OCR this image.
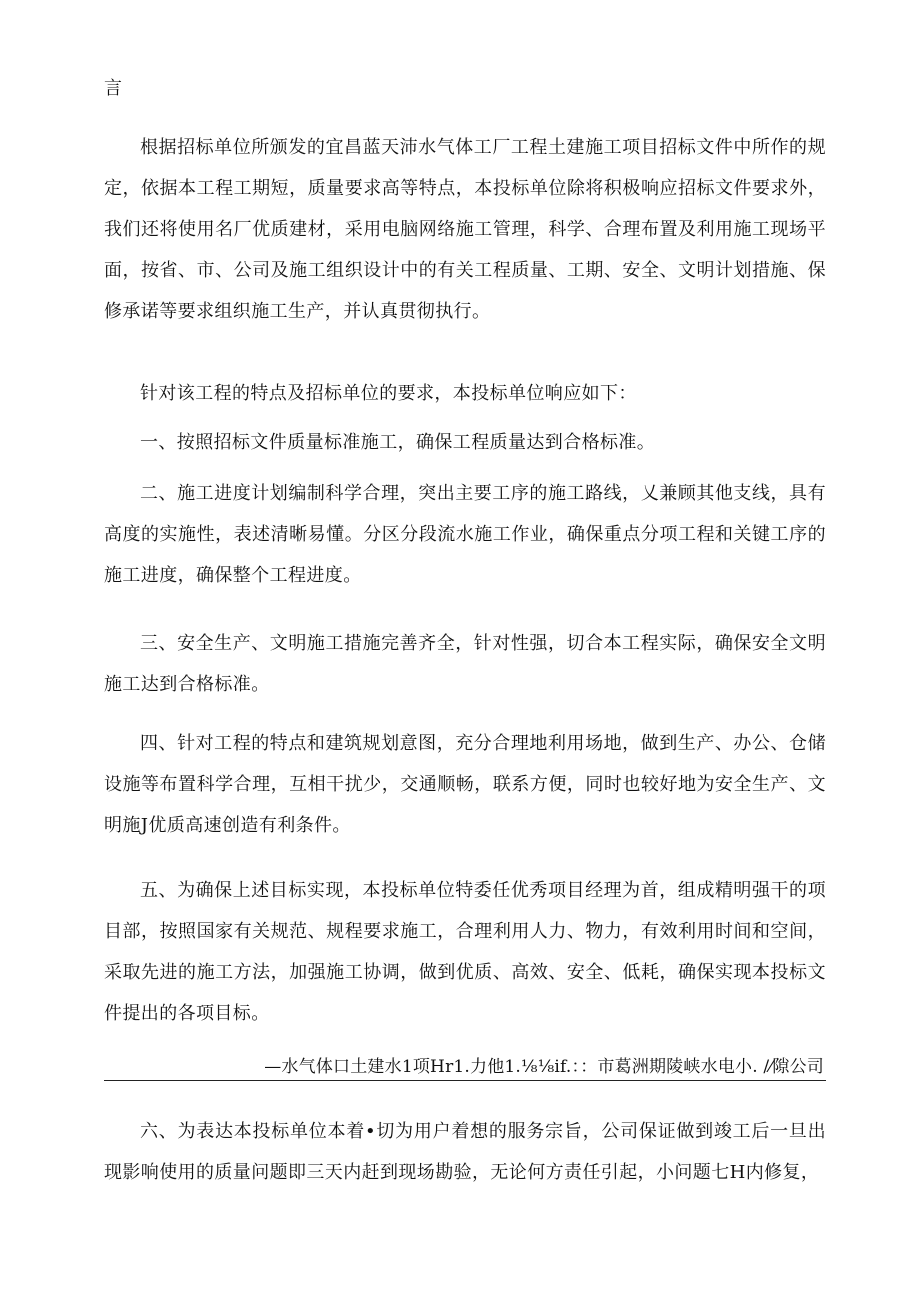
言

根据招标单位所颁发的宜昌蓝天沛水气体工厂工程土建施工项目招标文件中所作的规定，依据本工程工期短，质量要求高等特点，本投标单位除将积极响应招标文件要求外，我们还将使用名厂优质建材，采用电脑网络施工管理，科学、合理布置及利用施工现场平面，按省、市、公司及施工组织设计中的有关工程质量、工期、安全、文明计划措施、保修承诺等要求组织施工生产，并认真贯彻执行。

针对该工程的特点及招标单位的要求，本投标单位响应如下：

一、按照招标文件质量标准施工，确保工程质量达到合格标准。

二、施工进度计划编制科学合理，突出主要工序的施工路线，乂兼顾其他支线，具有高度的实施性，表述清晰易懂。分区分段流水施工作业，确保重点分项工程和关键工序的施工进度，确保整个工程进度。

三、安全生产、文明施工措施完善齐全，针对性强，切合本工程实际，确保安全文明施工达到合格标准。

四、针对工程的特点和建筑规划意图，充分合理地利用场地，做到生产、办公、仓储设施等布置科学合理，互相干扰少，交通顺畅，联系方便，同时也较好地为安全生产、文明施J优质高速创造有利条件。

五、为确保上述目标实现，本投标单位特委任优秀项目经理为首，组成精明强干的项目部，按照国家有关规范、规程要求施工，合理利用人力、物力，有效利用时间和空间，采取先进的施工方法，加强施工协调，做到优质、高效、安全、低耗，确保实现本投标文件提出的各项目标。

—水气体口土建水1项Hr1.力他1.⅛⅛if.：：市葛洲期陵峡水电小. /⁄隙公司

六、为表达本投标单位本着•切为用户着想的服务宗旨，公司保证做到竣工后一旦出现影响使用的质量问题即三天内赶到现场勘验，无论何方责任引起，小问题七H内修复，
